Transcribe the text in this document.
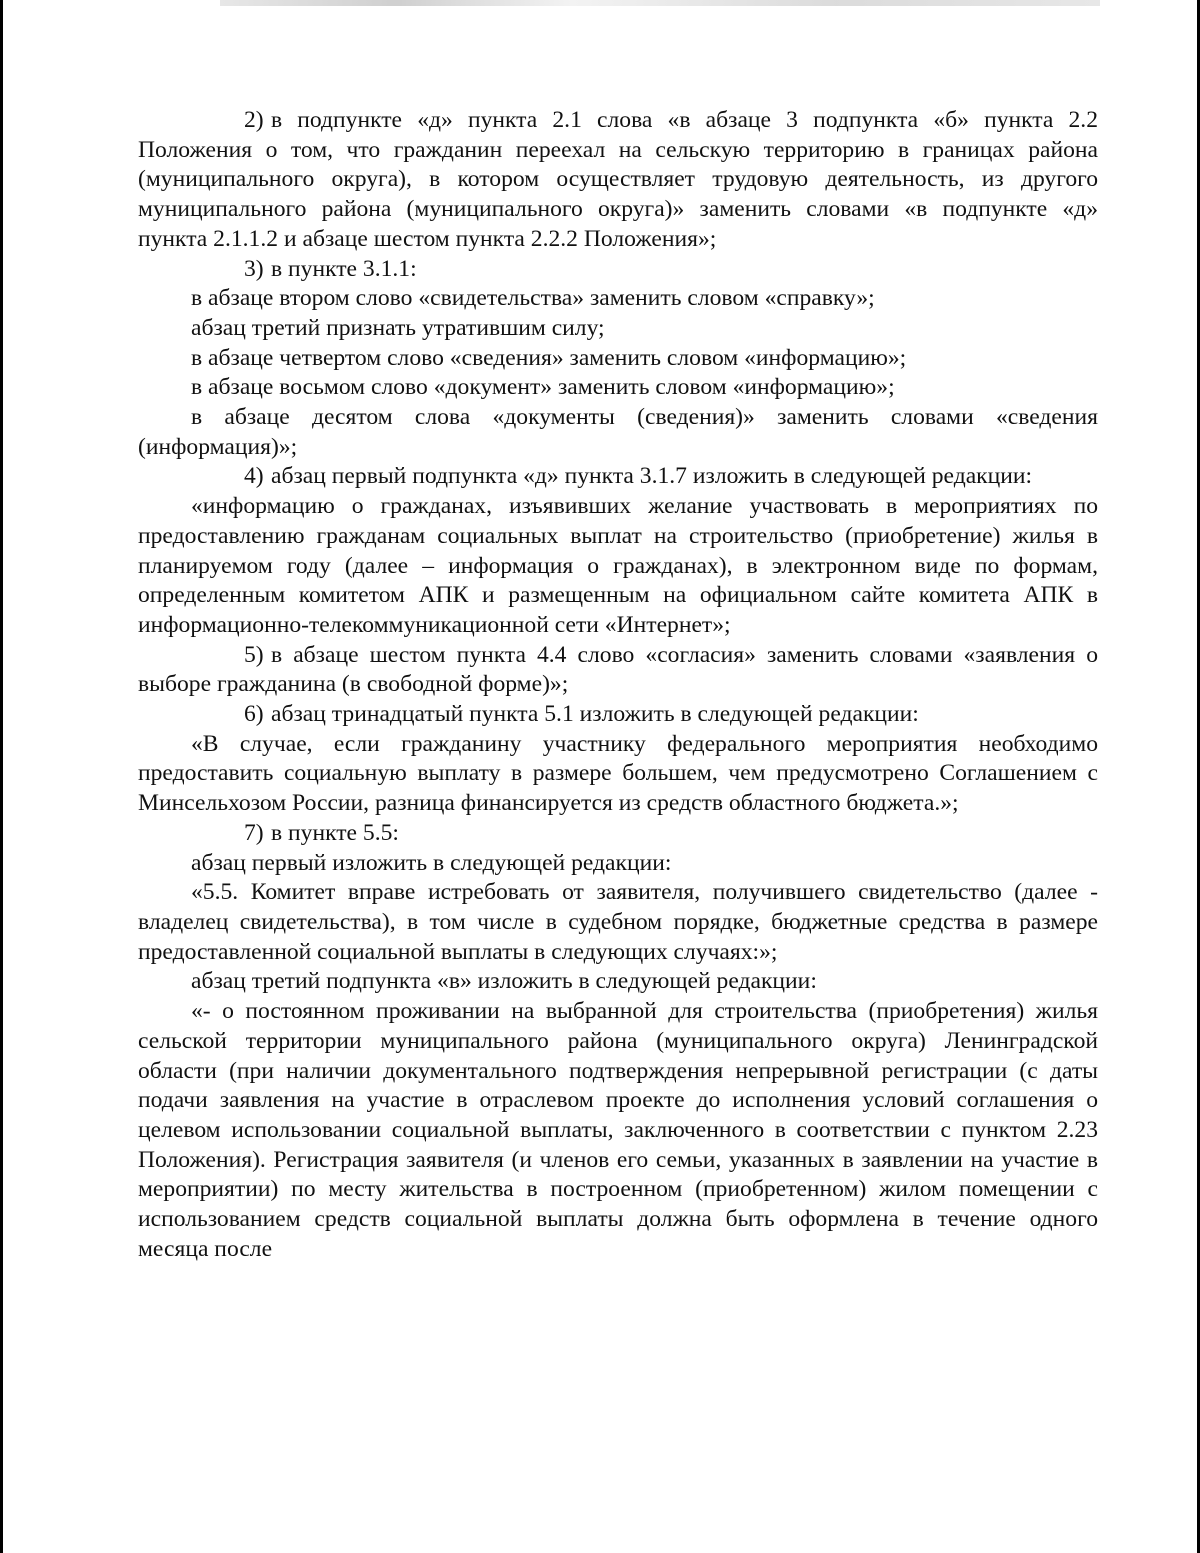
2) в подпункте «д» пункта 2.1 слова «в абзаце 3 подпункта «б» пункта 2.2 Положения о том, что гражданин переехал на сельскую территорию в границах района (муниципального округа), в котором осуществляет трудовую деятельность, из другого муниципального района (муниципального округа)» заменить словами «в подпункте «д» пункта 2.1.1.2 и абзаце шестом пункта 2.2.2 Положения»;

3) в пункте 3.1.1:

в абзаце втором слово «свидетельства» заменить словом «справку»;

абзац третий признать утратившим силу;

в абзаце четвертом слово «сведения» заменить словом «информацию»;

в абзаце восьмом слово «документ» заменить словом «информацию»;

в абзаце десятом слова «документы (сведения)» заменить словами «сведения (информация)»;

4) абзац первый подпункта «д» пункта 3.1.7 изложить в следующей редакции:

«информацию о гражданах, изъявивших желание участвовать в мероприятиях по предоставлению гражданам социальных выплат на строительство (приобретение) жилья в планируемом году (далее – информация о гражданах), в электронном виде по формам, определенным комитетом АПК и размещенным на официальном сайте комитета АПК в информационно-телекоммуникационной сети «Интернет»;

5) в абзаце шестом пункта 4.4 слово «согласия» заменить словами «заявления о выборе гражданина (в свободной форме)»;

6) абзац тринадцатый пункта 5.1 изложить в следующей редакции:

«В случае, если гражданину участнику федерального мероприятия необходимо предоставить социальную выплату в размере большем, чем предусмотрено Соглашением с Минсельхозом России, разница финансируется из средств областного бюджета.»;

7) в пункте 5.5:

абзац первый изложить в следующей редакции:

«5.5. Комитет вправе истребовать от заявителя, получившего свидетельство (далее - владелец свидетельства), в том числе в судебном порядке, бюджетные средства в размере предоставленной социальной выплаты в следующих случаях:»;

абзац третий подпункта «в» изложить в следующей редакции:

«- о постоянном проживании на выбранной для строительства (приобретения) жилья сельской территории муниципального района (муниципального округа) Ленинградской области (при наличии документального подтверждения непрерывной регистрации (с даты подачи заявления на участие в отраслевом проекте до исполнения условий соглашения о целевом использовании социальной выплаты, заключенного в соответствии с пунктом 2.23 Положения). Регистрация заявителя (и членов его семьи, указанных в заявлении на участие в мероприятии) по месту жительства в построенном (приобретенном) жилом помещении с использованием средств социальной выплаты должна быть оформлена в течение одного месяца после
